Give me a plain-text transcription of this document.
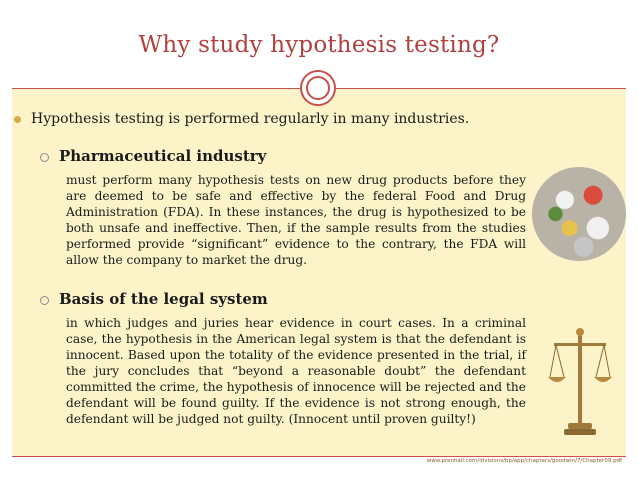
Why study hypothesis testing?
Hypothesis testing is performed regularly in many industries.
Pharmaceutical industry
must perform many hypothesis tests on new drug products before they are deemed to be safe and effective by the federal Food and Drug Administration (FDA). In these instances, the drug is hypothesized to be both unsafe and ineffective. Then, if the sample results from the studies performed provide “significant” evidence to the contrary, the FDA will allow the company to market the drug.
Basis of the legal system
in which judges and juries hear evidence in court cases. In a criminal case, the hypothesis in the American legal system is that the defendant is innocent. Based upon the totality of the evidence presented in the trial, if the jury concludes that “beyond a reasonable doubt” the defendant committed the crime, the hypothesis of innocence will be rejected and the defendant will be found guilty. If the evidence is not strong enough, the defendant will be judged not guilty. (Innocent until proven guilty!)
www.prenhall.com/divisions/bp/app/chapters/goodwin/7/Chapter09.pdf
